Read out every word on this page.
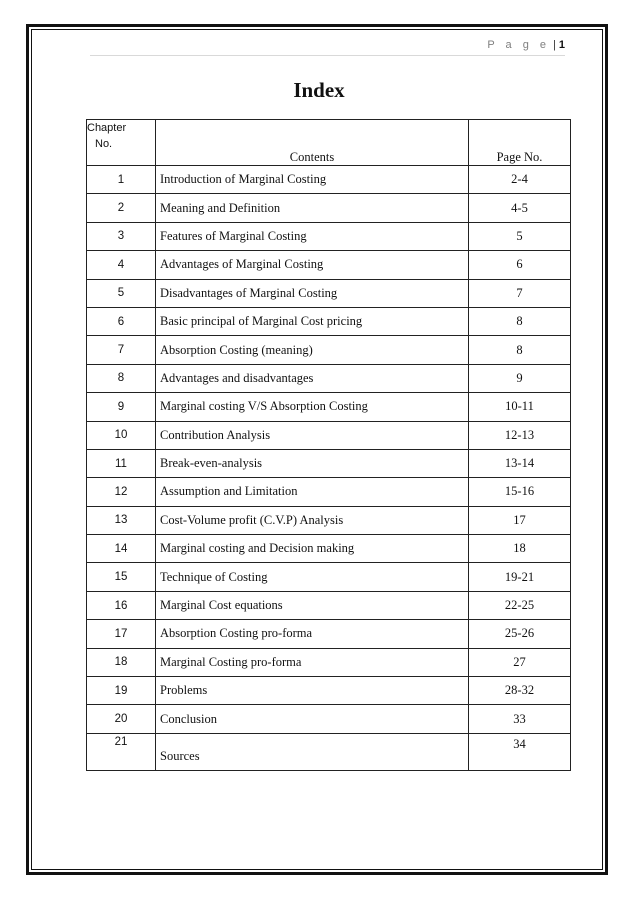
P a g e | 1
Index
Chapter
No.	Contents	Page No.
1	Introduction of Marginal Costing	2-4
2	Meaning and Definition	4-5
3	Features of Marginal Costing	5
4	Advantages of Marginal Costing	6
5	Disadvantages of Marginal Costing	7
6	Basic principal of Marginal Cost pricing	8
7	Absorption Costing (meaning)	8
8	Advantages and disadvantages	9
9	Marginal costing V/S Absorption Costing	10-11
10	Contribution Analysis	12-13
11	Break-even-analysis	13-14
12	Assumption and Limitation	15-16
13	Cost-Volume profit (C.V.P) Analysis	17
14	Marginal costing and Decision making	18
15	Technique of Costing	19-21
16	Marginal Cost equations	22-25
17	Absorption Costing pro-forma	25-26
18	Marginal Costing pro-forma	27
19	Problems	28-32
20	Conclusion	33
21	Sources	34
